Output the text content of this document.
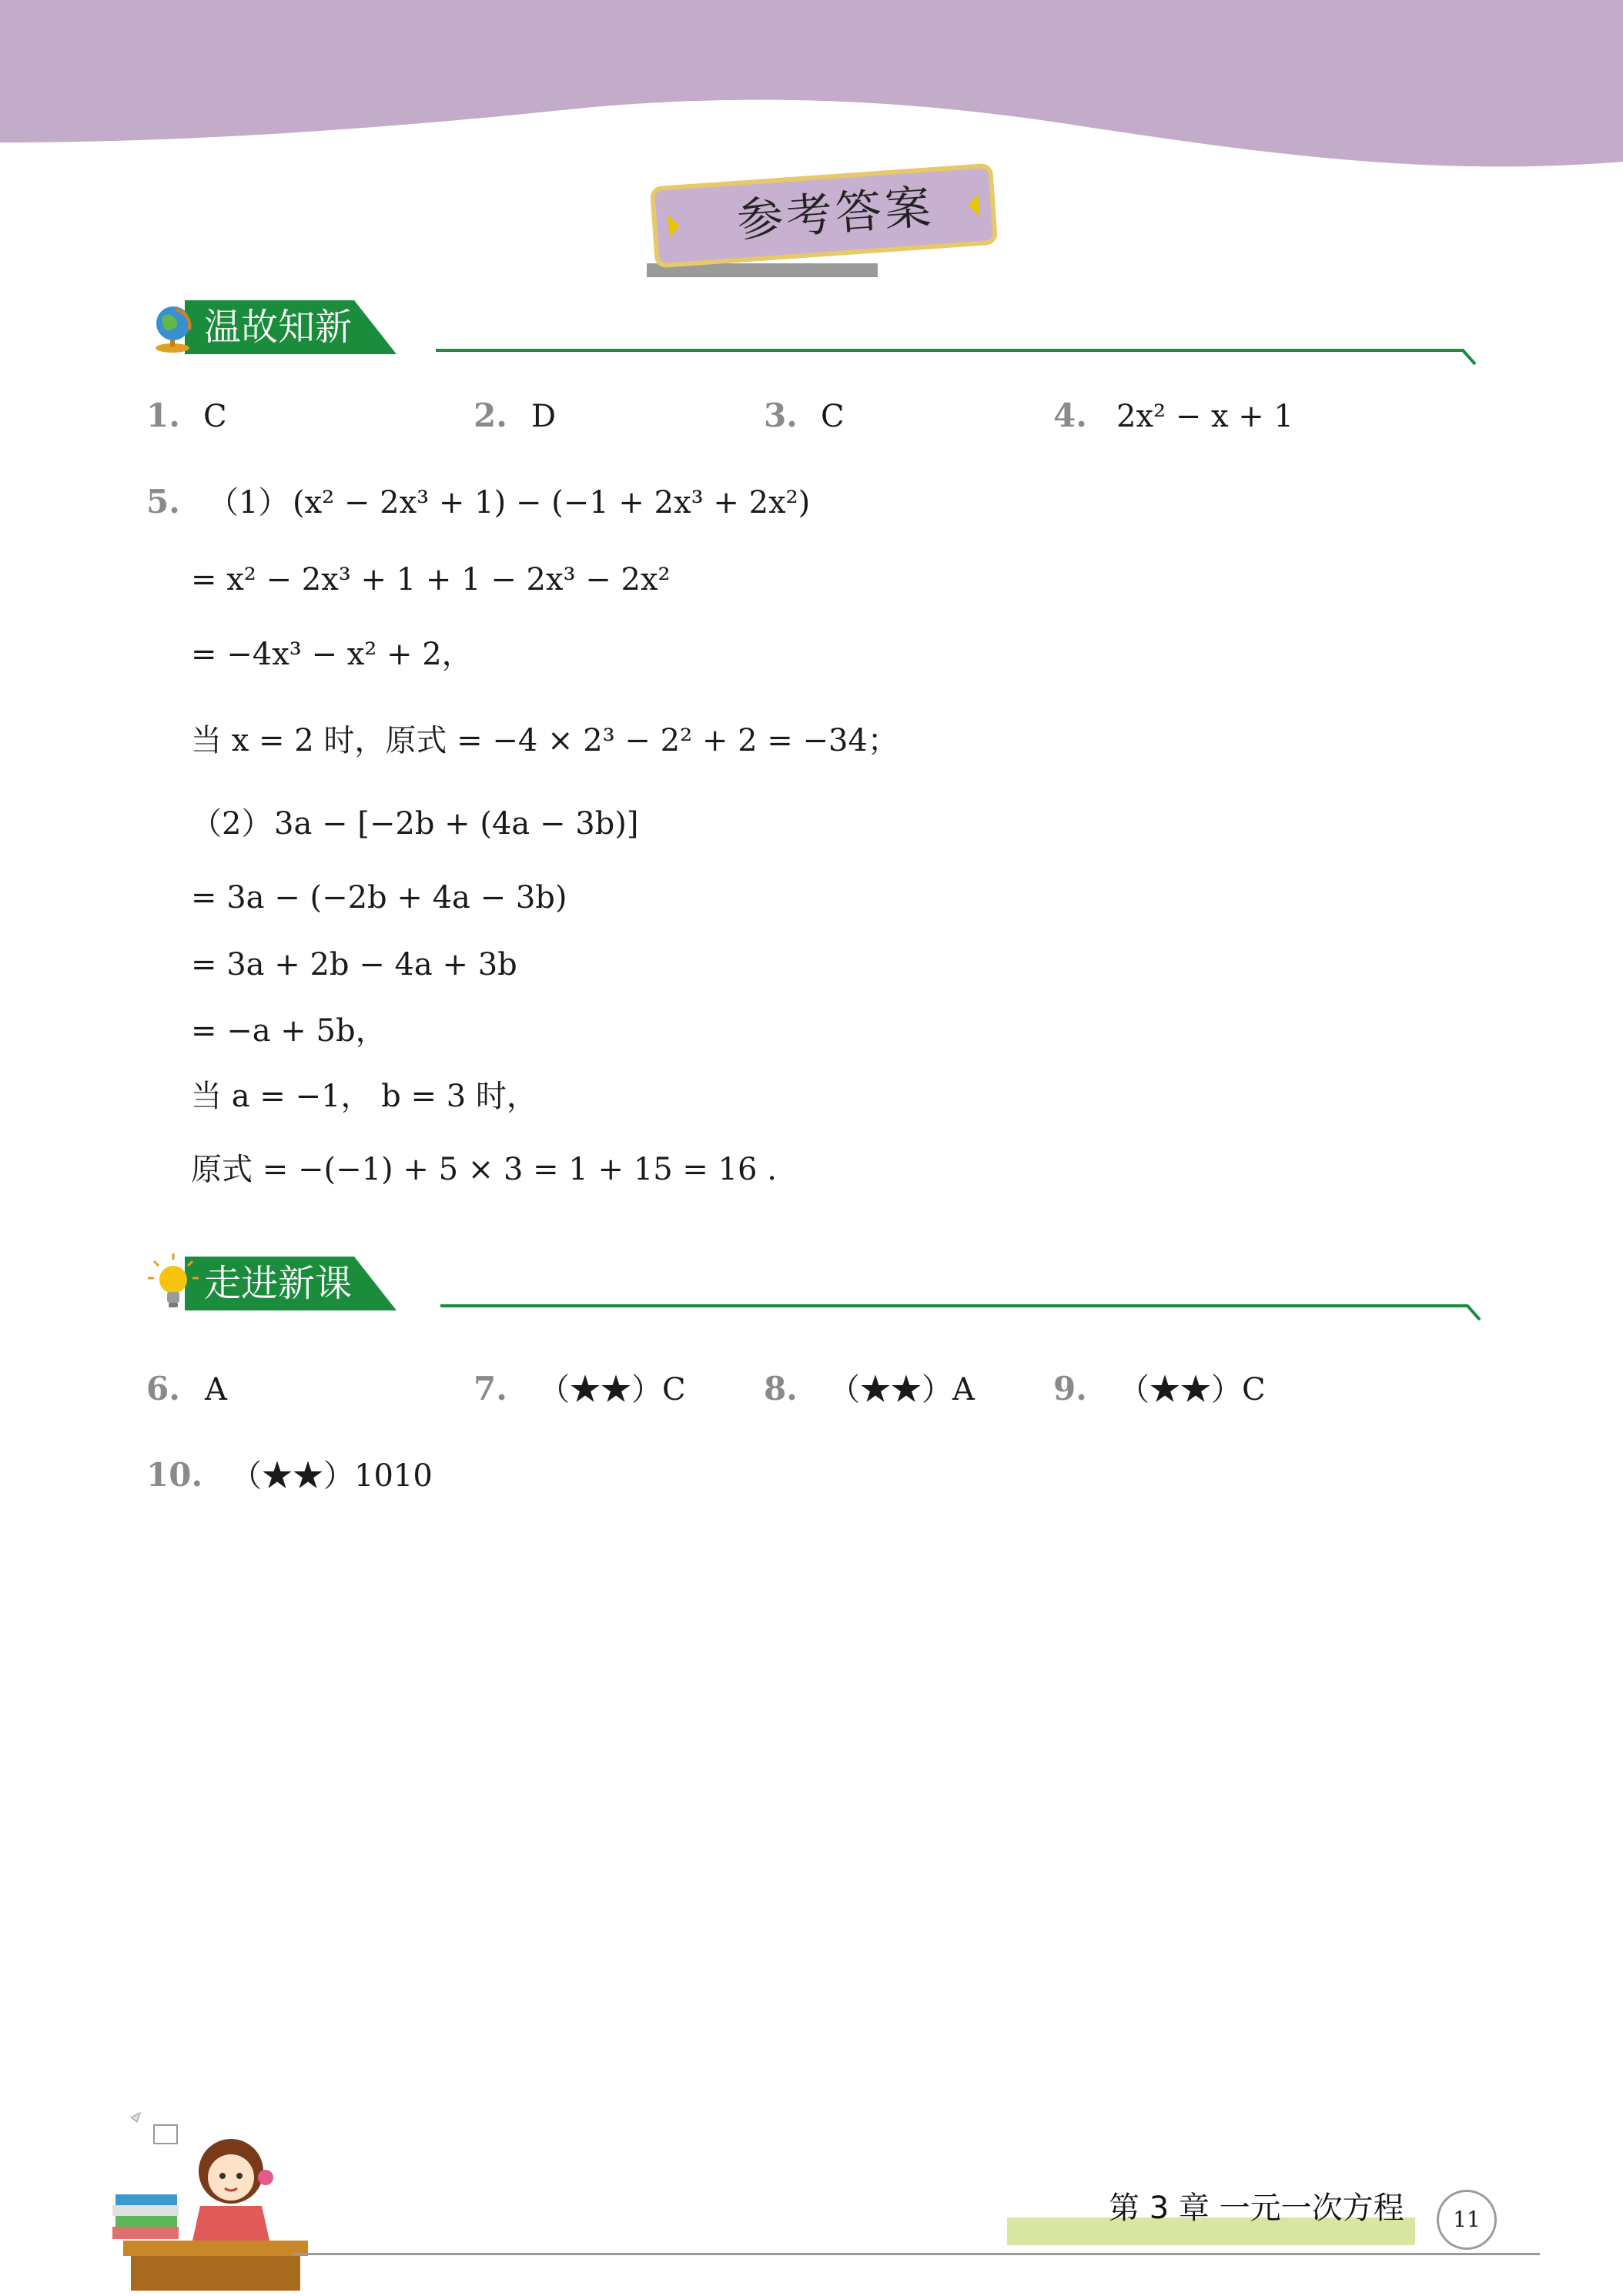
参考答案
温故知新
1. C	2. D	3. C	4. 2x² − x + 1
5. （1） (x² − 2x³ + 1) − (−1 + 2x³ + 2x²)
= x² − 2x³ + 1 + 1 − 2x³ − 2x²
= −4x³ − x² + 2，
当 x = 2 时，原式 = −4 × 2³ − 2² + 2 = −34；
（2） 3a − [−2b + (4a − 3b)]
= 3a − (−2b + 4a − 3b)
= 3a + 2b − 4a + 3b
= −a + 5b，
当 a = −1， b = 3 时，
原式 = −(−1) + 5 × 3 = 1 + 15 = 16 .
走进新课
6. A	7. （★★）C 8. （★★）A 9. （★★）C
10. （★★）1010
第 3 章 一元一次方程	11
